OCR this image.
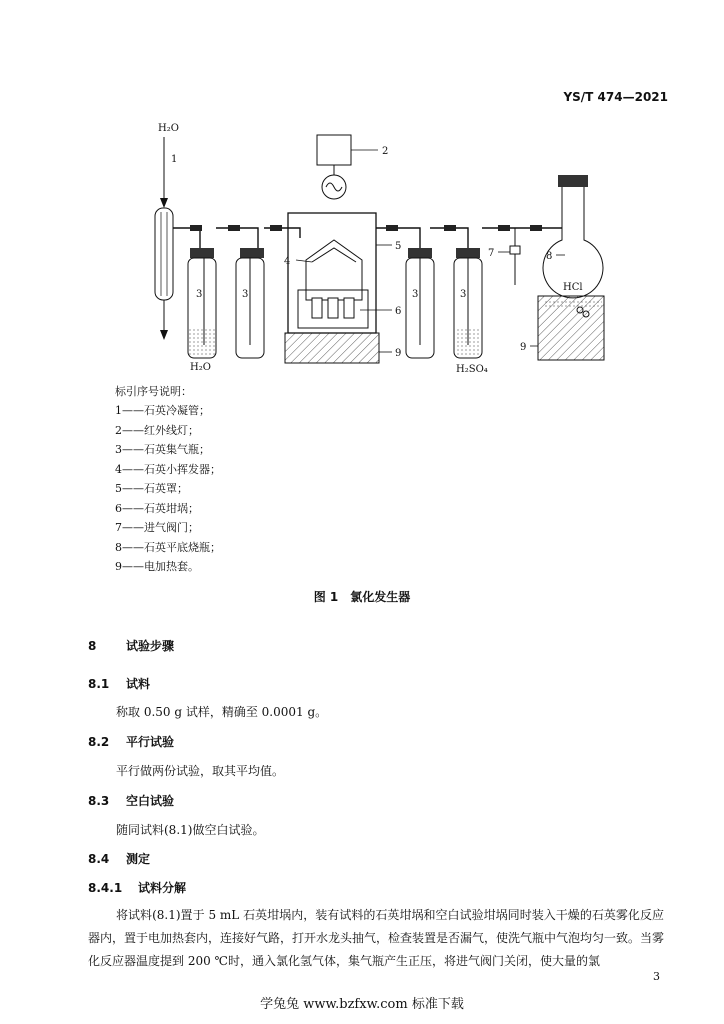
YS/T 474—2021
H₂O
1
3
H₂O
3
2
5
9
4
6
3	3
H₂SO₄
7
HCl
8
9
标引序号说明：
1——石英冷凝管；
2——红外线灯；
3——石英集气瓶；
4——石英小挥发器；
5——石英罩；
6——石英坩埚；
7——进气阀门；
8——石英平底烧瓶；
9——电加热套。
图 1　氯化发生器
8 试验步骤
8.1 试料
称取 0.50 g 试样，精确至 0.0001 g。
8.2 平行试验
平行做两份试验，取其平均值。
8.3 空白试验
随同试料(8.1)做空白试验。
8.4 测定
8.4.1 试料分解
将试料(8.1)置于 5 mL 石英坩埚内，装有试料的石英坩埚和空白试验坩埚同时装入干燥的石英雾化反应器内，置于电加热套内，连接好气路，打开水龙头抽气，检查装置是否漏气，使洗气瓶中气泡均匀一致。当雾化反应器温度提到 200 ℃时，通入氯化氢气体，集气瓶产生正压，将进气阀门关闭，使大量的氯
3
学兔兔 www.bzfxw.com 标准下载
